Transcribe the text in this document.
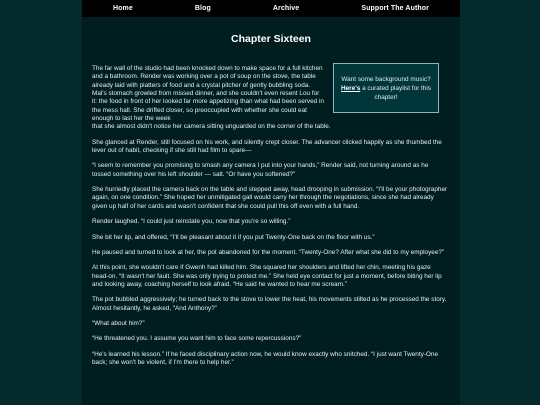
Home	Blog	Archive	Support The Author
Chapter Sixteen
Want some background music? Here's a curated playlist for this chapter!

The far wall of the studio had been knocked down to make space for a full kitchen and a bathroom. Render was working over a pot of soup on the stove, the table already laid with platters of food and a crystal pitcher of gently bubbling soda. Mal's stomach growled from missed dinner, and she couldn't even resent Lou for it: the food in front of her looked far more appetizing than what had been served in the mess hall. She drifted closer, so preoccupied with whether she could eat enough to last her the week
that she almost didn't notice her camera sitting unguarded on the corner of the table.

She glanced at Render, still focused on his work, and silently crept closer. The advancer clicked happily as she thumbed the lever out of habit, checking if she still had film to spare—

“I seem to remember you promising to smash any camera I put into your hands,” Render said, not turning around as he tossed something over his left shoulder — salt. “Or have you softened?”

She hurriedly placed the camera back on the table and stepped away, head drooping in submission. “I’ll be your photographer again, on one condition.” She hoped her unmitigated gall would carry her through the negotiations, since she had already given up half of her cards and wasn't confident that she could pull this off even with a full hand.

Render laughed. “I could just reinstate you, now that you're so willing.”

She bit her lip, and offered, “I’ll be pleasant about it if you put Twenty-One back on the floor with us.”

He paused and turned to look at her, the pot abandoned for the moment. “Twenty-One? After what she did to my employee?”

At this point, she wouldn't care if Gwenh had killed him. She squared her shoulders and lifted her chin, meeting his gaze head-on. “It wasn't her fault. She was only trying to protect me.” She held eye contact for just a moment, before biting her lip and looking away, coaching herself to look afraid. “He said he wanted to hear me scream.”

The pot bubbled aggressively; he turned back to the stove to lower the heat, his movements stilted as he processed the story. Almost hesitantly, he asked, “And Anthony?”

“What about him?”

“He threatened you. I assume you want him to face some repercussions?”

“He's learned his lesson.” If he faced disciplinary action now, he would know exactly who snitched. “I just want Twenty-One back; she won't be violent, if I'm there to help her.”
